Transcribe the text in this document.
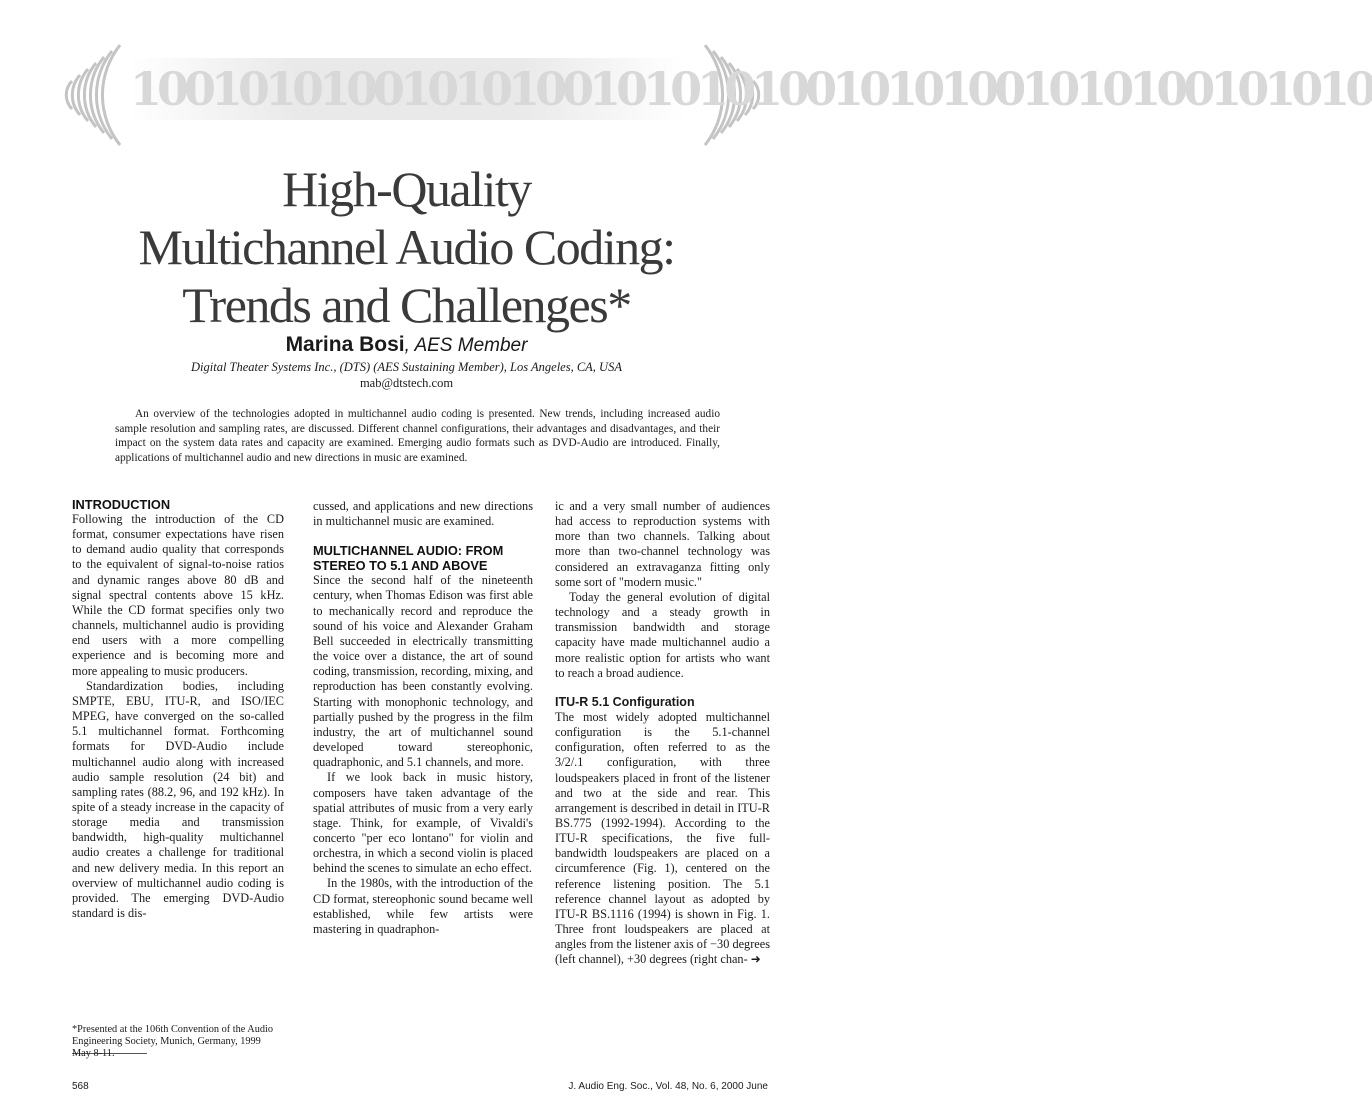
1001010100101010010101010010101001010100101010
High-Quality
Multichannel Audio Coding:
Trends and Challenges*
Marina Bosi, AES Member
Digital Theater Systems Inc., (DTS) (AES Sustaining Member), Los Angeles, CA, USA
mab@dtstech.com
An overview of the technologies adopted in multichannel audio coding is presented. New trends, including increased audio sample resolution and sampling rates, are discussed. Different channel configurations, their advantages and disadvantages, and their impact on the system data rates and capacity are examined. Emerging audio formats such as DVD-Audio are introduced. Finally, applications of multichannel audio and new directions in music are examined.
INTRODUCTION

Following the introduction of the CD format, consumer expectations have risen to demand audio quality that corresponds to the equivalent of signal-to-noise ratios and dynamic ranges above 80 dB and signal spectral contents above 15 kHz. While the CD format specifies only two channels, multichannel audio is providing end users with a more compelling experience and is becoming more and more appealing to music producers.

Standardization bodies, including SMPTE, EBU, ITU-R, and ISO/IEC MPEG, have converged on the so-called 5.1 multichannel format. Forthcoming formats for DVD-Audio include multichannel audio along with increased audio sample resolution (24 bit) and sampling rates (88.2, 96, and 192 kHz). In spite of a steady increase in the capacity of storage media and transmission bandwidth, high-quality multichannel audio creates a challenge for traditional and new delivery media. In this report an overview of multichannel audio coding is provided. The emerging DVD-Audio standard is dis-

cussed, and applications and new directions in multichannel music are examined.

MULTICHANNEL AUDIO: FROM
STEREO TO 5.1 AND ABOVE

Since the second half of the nineteenth century, when Thomas Edison was first able to mechanically record and reproduce the sound of his voice and Alexander Graham Bell succeeded in electrically transmitting the voice over a distance, the art of sound coding, transmission, recording, mixing, and reproduction has been constantly evolving. Starting with monophonic technology, and partially pushed by the progress in the film industry, the art of multichannel sound developed toward stereophonic, quadraphonic, and 5.1 channels, and more.

If we look back in music history, composers have taken advantage of the spatial attributes of music from a very early stage. Think, for example, of Vivaldi's concerto "per eco lontano" for violin and orchestra, in which a second violin is placed behind the scenes to simulate an echo effect.

In the 1980s, with the introduction of the CD format, stereophonic sound became well established, while few artists were mastering in quadraphon-

ic and a very small number of audiences had access to reproduction systems with more than two channels. Talking about more than two-channel technology was considered an extravaganza fitting only some sort of "modern music."

Today the general evolution of digital technology and a steady growth in transmission bandwidth and storage capacity have made multichannel audio a more realistic option for artists who want to reach a broad audience.

ITU-R 5.1 Configuration

The most widely adopted multichannel configuration is the 5.1-channel configuration, often referred to as the 3/2/.1 configuration, with three loudspeakers placed in front of the listener and two at the side and rear. This arrangement is described in detail in ITU-R BS.775 (1992-1994). According to the ITU-R specifications, the five full-bandwidth loudspeakers are placed on a circumference (Fig. 1), centered on the reference listening position. The 5.1 reference channel layout as adopted by ITU-R BS.1116 (1994) is shown in Fig. 1. Three front loudspeakers are placed at angles from the listener axis of −30 degrees (left channel), +30 degrees (right chan- ➜

*Presented at the 106th Convention of the Audio Engineering Society, Munich, Germany, 1999 May 8-11.
568	J. Audio Eng. Soc., Vol. 48, No. 6, 2000 June
